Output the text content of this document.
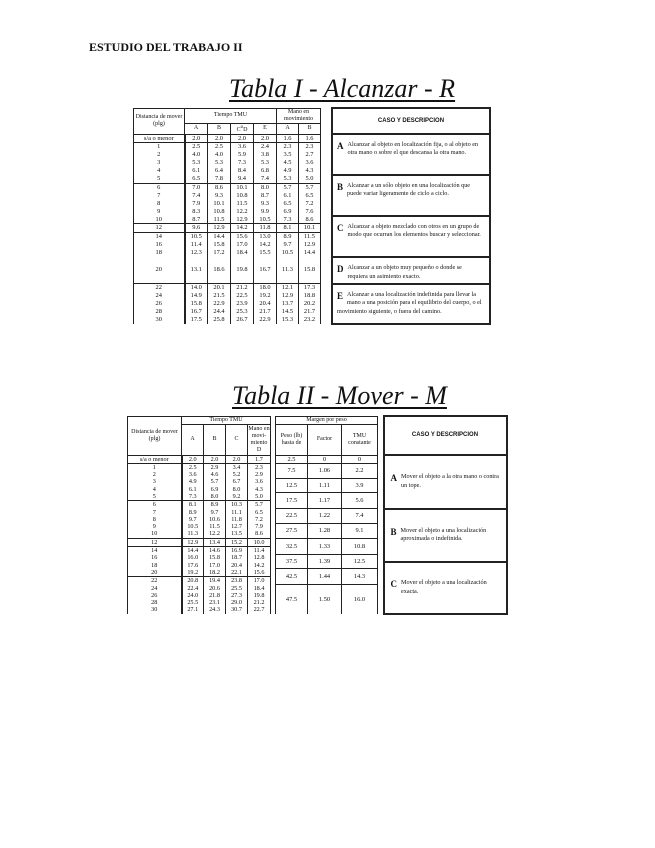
ESTUDIO DEL TRABAJO II
Tabla I - Alcanzar - R
Distancia de mover (plg)	Tiempo TMU				Mano en movimiento			CASO Y DESCRIPCION
	A	B	$C^oD$	E	A	B		
s/a o menor	2.0	2.0	2.0	2.0	1.6	1.6		A Alcanzar al objeto en localización fija, o al objeto en otra mano o sobre el que descansa la otra mano.
1	2.5	2.5	3.6	2.4	2.3	2.3		
2	4.0	4.0	5.9	3.8	3.5	2.7		
3	5.3	5.3	7.3	5.3	4.5	3.6		
4	6.1	6.4	8.4	6.8	4.9	4.3		
5	6.5	7.8	9.4	7.4	5.3	5.0		B Alcanzar a un sólo objeto en una localización que puede variar ligeramente de ciclo a ciclo.
6	7.0	8.6	10.1	8.0	5.7	5.7		
7	7.4	9.3	10.8	8.7	6.1	6.5		
8	7.9	10.1	11.5	9.3	6.5	7.2		
9	8.3	10.8	12.2	9.9	6.9	7.6		
10	8.7	11.5	12.9	10.5	7.3	8.6		C Alcanzar a objeto mezclado con otros en un grupo de modo que ocurran los elementos buscar y seleccionar.
12	9.6	12.9	14.2	11.8	8.1	10.1		
14	10.5	14.4	15.6	13.0	8.9	11.5		
16	11.4	15.8	17.0	14.2	9.7	12.9		
18	12.3	17.2	18.4	15.5	10.5	14.4		
20	13.1	18.6	19.8	16.7	11.3	15.8		D Alcanzar a un objeto muy pequeño o donde se requiera un asimiento exacto.
22	14.0	20.1	21.2	18.0	12.1	17.3		E Alcanzar a una localización indefinida para llevar la mano a una posición para el equilibrio del cuerpo, o el movimiento siguiente, o fuera del camino.
24	14.9	21.5	22.5	19.2	12.9	18.8		
26	15.8	22.9	23.9	20.4	13.7	20.2		
28	16.7	24.4	25.3	21.7	14.5	21.7		
30	17.5	25.8	26.7	22.9	15.3	23.2		
Tabla II - Mover - M
Distancia de mover (plg)	Tiempo TMU					Margen por peso				CASO Y DESCRIPCION
	A	B	C	Mano en movi-miento D		Peso (lb) hasta de	Factor	TMU constante		
s/a o menor	2.0	2.0	2.0	1.7		2.5	0	0		A Mover el objeto a la otra mano o contra un tope.
1	2.5	2.9	3.4	2.3		7.5	1.06	2.2		
2	3.6	4.6	5.2	2.9						
3	4.9	5.7	6.7	3.6		12.5	1.11	3.9		
4	6.1	6.9	8.0	4.3						
5	7.3	8.0	9.2	5.0		17.5	1.17	5.6		
6	8.1	8.9	10.3	5.7						
7	8.9	9.7	11.1	6.5		22.5	1.22	7.4		B Mover el objeto a una localización aproximada o indefinida.
8	9.7	10.6	11.8	7.2						
9	10.5	11.5	12.7	7.9		27.5	1.28	9.1		
10	11.3	12.2	13.5	8.6						
12	12.9	13.4	15.2	10.0		32.5	1.33	10.8		
14	14.4	14.6	16.9	11.4						
16	16.0	15.8	18.7	12.8		37.5	1.39	12.5		
18	17.6	17.0	20.4	14.2						C Mover el objeto a una localización exacta.
20	19.2	18.2	22.1	15.6		42.5	1.44	14.3		
22	20.8	19.4	23.8	17.0						
24	22.4	20.6	25.5	18.4		47.5	1.50	16.0		
26	24.0	21.8	27.3	19.8						
28	25.5	23.1	29.0	21.2						
30	27.1	24.3	30.7	22.7						
